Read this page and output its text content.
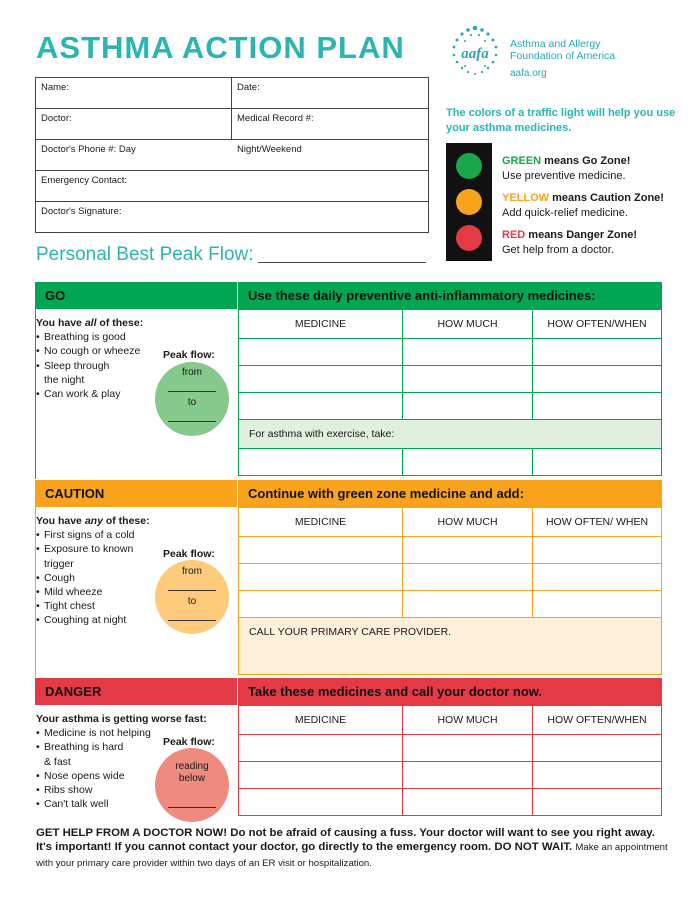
ASTHMA ACTION PLAN
Name:	Date:
Doctor:	Medical Record #:
Doctor's Phone #: Day	Night/Weekend
Emergency Contact:
Doctor's Signature:
Personal Best Peak Flow:
aafa
Asthma and Allergy
Foundation of America
aafa.org
The colors of a traffic light will help you use your asthma medicines.
GREEN means Go Zone!
Use preventive medicine.
YELLOW means Caution Zone!
Add quick-relief medicine.
RED means Danger Zone!
Get help from a doctor.
GO	Use these daily preventive anti-inflammatory medicines:
MEDICINE	HOW MUCH	HOW OFTEN/WHEN

For asthma with exercise, take:		

You have all of these:
• Breathing is good
• No cough or wheeze
• Sleep through
the night
• Can work & play
Peak flow:
from
to
CAUTION	Continue with green zone medicine and add:
MEDICINE	HOW MUCH	HOW OFTEN/ WHEN

CALL YOUR PRIMARY CARE PROVIDER.		
You have any of these:
• First signs of a cold
• Exposure to known
trigger
• Cough
• Mild wheeze
• Tight chest
• Coughing at night
Peak flow:
from
to
DANGER	Take these medicines and call your doctor now.
MEDICINE	HOW MUCH	HOW OFTEN/WHEN

Your asthma is getting worse fast:
• Medicine is not helping
• Breathing is hard
& fast
• Nose opens wide
• Ribs show
• Can't talk well
Peak flow:
reading
below
GET HELP FROM A DOCTOR NOW! Do not be afraid of causing a fuss. Your doctor will want to see you right away. It's important! If you cannot contact your doctor, go directly to the emergency room. DO NOT WAIT. Make an appointment with your primary care provider within two days of an ER visit or hospitalization.
